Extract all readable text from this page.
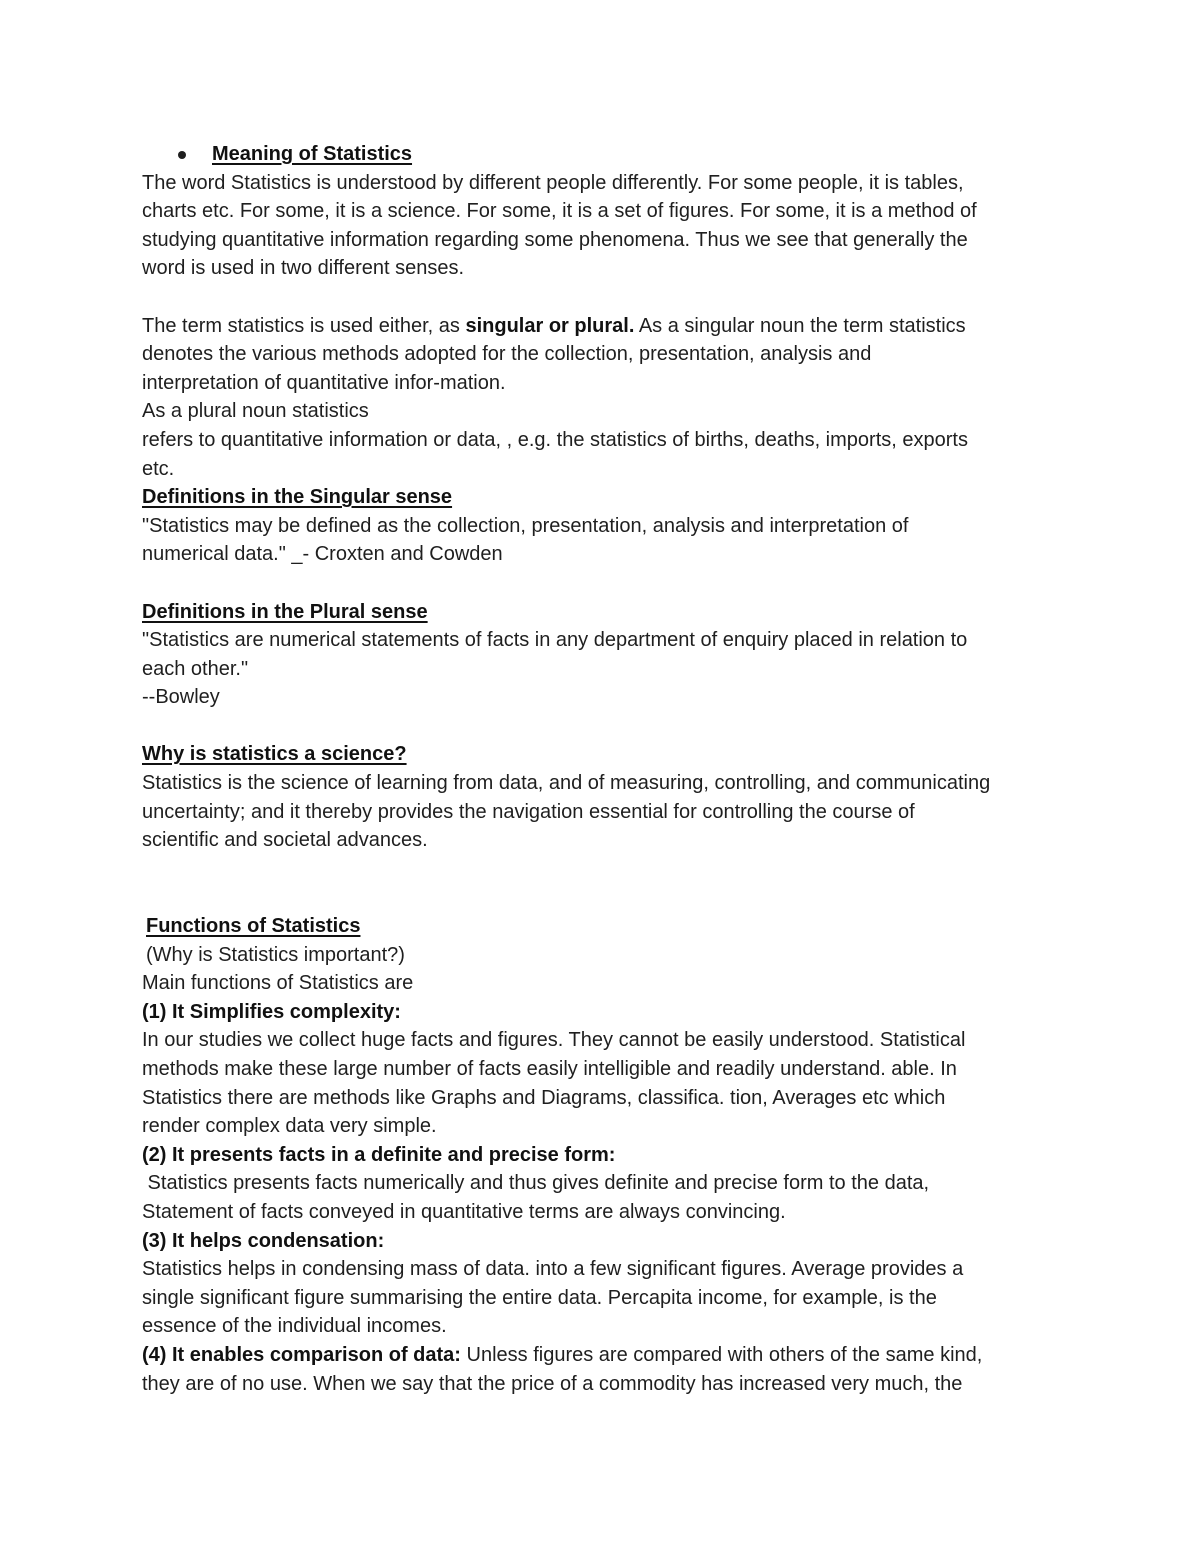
Meaning of Statistics
The word Statistics is understood by different people differently. For some people, it is tables,
charts etc. For some, it is a science. For some, it is a set of figures. For some, it is a method of
studying quantitative information regarding some phenomena. Thus we see that generally the
word is used in two different senses.
The term statistics is used either, as singular or plural. As a singular noun the term statistics
denotes the various methods adopted for the collection, presentation, analysis and
interpretation of quantitative infor-mation.
As a plural noun statistics
refers to quantitative information or data, , e.g. the statistics of births, deaths, imports, exports
etc.
Definitions in the Singular sense
"Statistics may be defined as the collection, presentation, analysis and interpretation of
numerical data." _- Croxten and Cowden
Definitions in the Plural sense
"Statistics are numerical statements of facts in any department of enquiry placed in relation to
each other."
--Bowley
Why is statistics a science?
Statistics is the science of learning from data, and of measuring, controlling, and communicating
uncertainty; and it thereby provides the navigation essential for controlling the course of
scientific and societal advances.
Functions of Statistics
(Why is Statistics important?)
Main functions of Statistics are
(1) It Simplifies complexity:
In our studies we collect huge facts and figures. They cannot be easily understood. Statistical
methods make these large number of facts easily intelligible and readily understand. able. In
Statistics there are methods like Graphs and Diagrams, classifica. tion, Averages etc which
render complex data very simple.
(2) It presents facts in a definite and precise form:
Statistics presents facts numerically and thus gives definite and precise form to the data,
Statement of facts conveyed in quantitative terms are always convincing.
(3) It helps condensation:
Statistics helps in condensing mass of data. into a few significant figures. Average provides a
single significant figure summarising the entire data. Percapita income, for example, is the
essence of the individual incomes.
(4) It enables comparison of data: Unless figures are compared with others of the same kind,
they are of no use. When we say that the price of a commodity has increased very much, the
